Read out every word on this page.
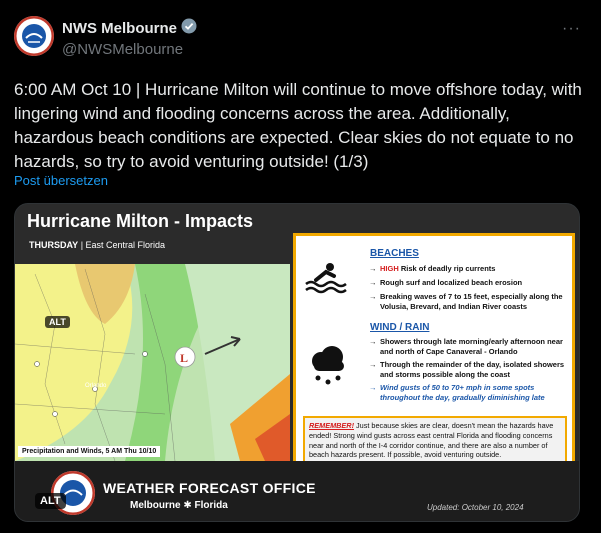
NWS Melbourne
@NWSMelbourne
···
6:00 AM Oct 10 | Hurricane Milton will continue to move offshore today, with lingering wind and flooding concerns across the area. Additionally, hazardous beach conditions are expected. Clear skies do not equate to no hazards, so try to avoid venturing outside! (1/3)
Post übersetzen
Hurricane Milton - Impacts
THURSDAY | East Central Florida
Orlando
L
ALT
Precipitation and Winds, 5 AM Thu 10/10
BEACHES
→ HIGH Risk of deadly rip currents
→ Rough surf and localized beach erosion
→ Breaking waves of 7 to 15 feet, especially along the Volusia, Brevard, and Indian River coasts
WIND / RAIN
→ Showers through late morning/early afternoon near and north of Cape Canaveral - Orlando
→ Through the remainder of the day, isolated showers and storms possible along the coast
→ Wind gusts of 50 to 70+ mph in some spots throughout the day, gradually diminishing late
REMEMBER! Just because skies are clear, doesn't mean the hazards have ended! Strong wind gusts across east central Florida and flooding concerns near and north of the I-4 corridor continue, and there are also a number of beach hazards present. If possible, avoid venturing outside.
WEATHER FORECAST OFFICE
Melbourne ✱ Florida	Updated: October 10, 2024
ALT
